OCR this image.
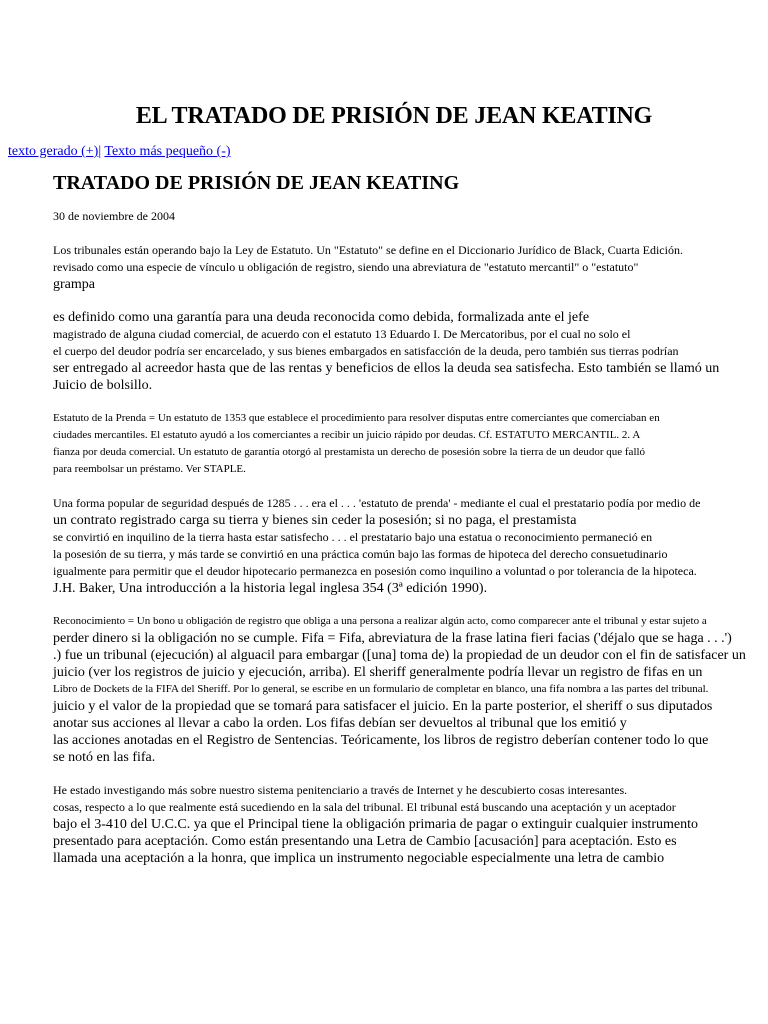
EL TRATADO DE PRISIÓN DE JEAN KEATING
texto gerado (+)| Texto más pequeño (-)
TRATADO DE PRISIÓN DE JEAN KEATING

30 de noviembre de 2004

Los tribunales están operando bajo la Ley de Estatuto. Un "Estatuto" se define en el Diccionario Jurídico de Black, Cuarta Edición.

revisado como una especie de vínculo u obligación de registro, siendo una abreviatura de "estatuto mercantil" o "estatuto"

grampa

es definido como una garantía para una deuda reconocida como debida, formalizada ante el jefe

magistrado de alguna ciudad comercial, de acuerdo con el estatuto 13 Eduardo I. De Mercatoribus, por el cual no solo el

el cuerpo del deudor podría ser encarcelado, y sus bienes embargados en satisfacción de la deuda, pero también sus tierras podrían

ser entregado al acreedor hasta que de las rentas y beneficios de ellos la deuda sea satisfecha. Esto también se llamó un

Juicio de bolsillo.

Estatuto de la Prenda = Un estatuto de 1353 que establece el procedimiento para resolver disputas entre comerciantes que comerciaban en

ciudades mercantiles. El estatuto ayudó a los comerciantes a recibir un juicio rápido por deudas. Cf. ESTATUTO MERCANTIL. 2. A

fianza por deuda comercial. Un estatuto de garantía otorgó al prestamista un derecho de posesión sobre la tierra de un deudor que falló

para reembolsar un préstamo. Ver STAPLE.

Una forma popular de seguridad después de 1285 . . . era el . . . 'estatuto de prenda' - mediante el cual el prestatario podía por medio de

un contrato registrado carga su tierra y bienes sin ceder la posesión; si no paga, el prestamista

se convirtió en inquilino de la tierra hasta estar satisfecho . . . el prestatario bajo una estatua o reconocimiento permaneció en

la posesión de su tierra, y más tarde se convirtió en una práctica común bajo las formas de hipoteca del derecho consuetudinario

igualmente para permitir que el deudor hipotecario permanezca en posesión como inquilino a voluntad o por tolerancia de la hipoteca.

J.H. Baker, Una introducción a la historia legal inglesa 354 (3ª edición 1990).

Reconocimiento = Un bono u obligación de registro que obliga a una persona a realizar algún acto, como comparecer ante el tribunal y estar sujeto a

perder dinero si la obligación no se cumple. Fifa = Fifa, abreviatura de la frase latina fieri facias ('déjalo que se haga . . .')

.) fue un tribunal (ejecución) al alguacil para embargar ([una] toma de) la propiedad de un deudor con el fin de satisfacer un

juicio (ver los registros de juicio y ejecución, arriba). El sheriff generalmente podría llevar un registro de fifas en un

Libro de Dockets de la FIFA del Sheriff. Por lo general, se escribe en un formulario de completar en blanco, una fifa nombra a las partes del tribunal.

juicio y el valor de la propiedad que se tomará para satisfacer el juicio. En la parte posterior, el sheriff o sus diputados

anotar sus acciones al llevar a cabo la orden. Los fifas debían ser devueltos al tribunal que los emitió y

las acciones anotadas en el Registro de Sentencias. Teóricamente, los libros de registro deberían contener todo lo que

se notó en las fifa.

He estado investigando más sobre nuestro sistema penitenciario a través de Internet y he descubierto cosas interesantes.

cosas, respecto a lo que realmente está sucediendo en la sala del tribunal. El tribunal está buscando una aceptación y un aceptador

bajo el 3-410 del U.C.C. ya que el Principal tiene la obligación primaria de pagar o extinguir cualquier instrumento

presentado para aceptación. Como están presentando una Letra de Cambio [acusación] para aceptación. Esto es

llamada una aceptación a la honra, que implica un instrumento negociable especialmente una letra de cambio
